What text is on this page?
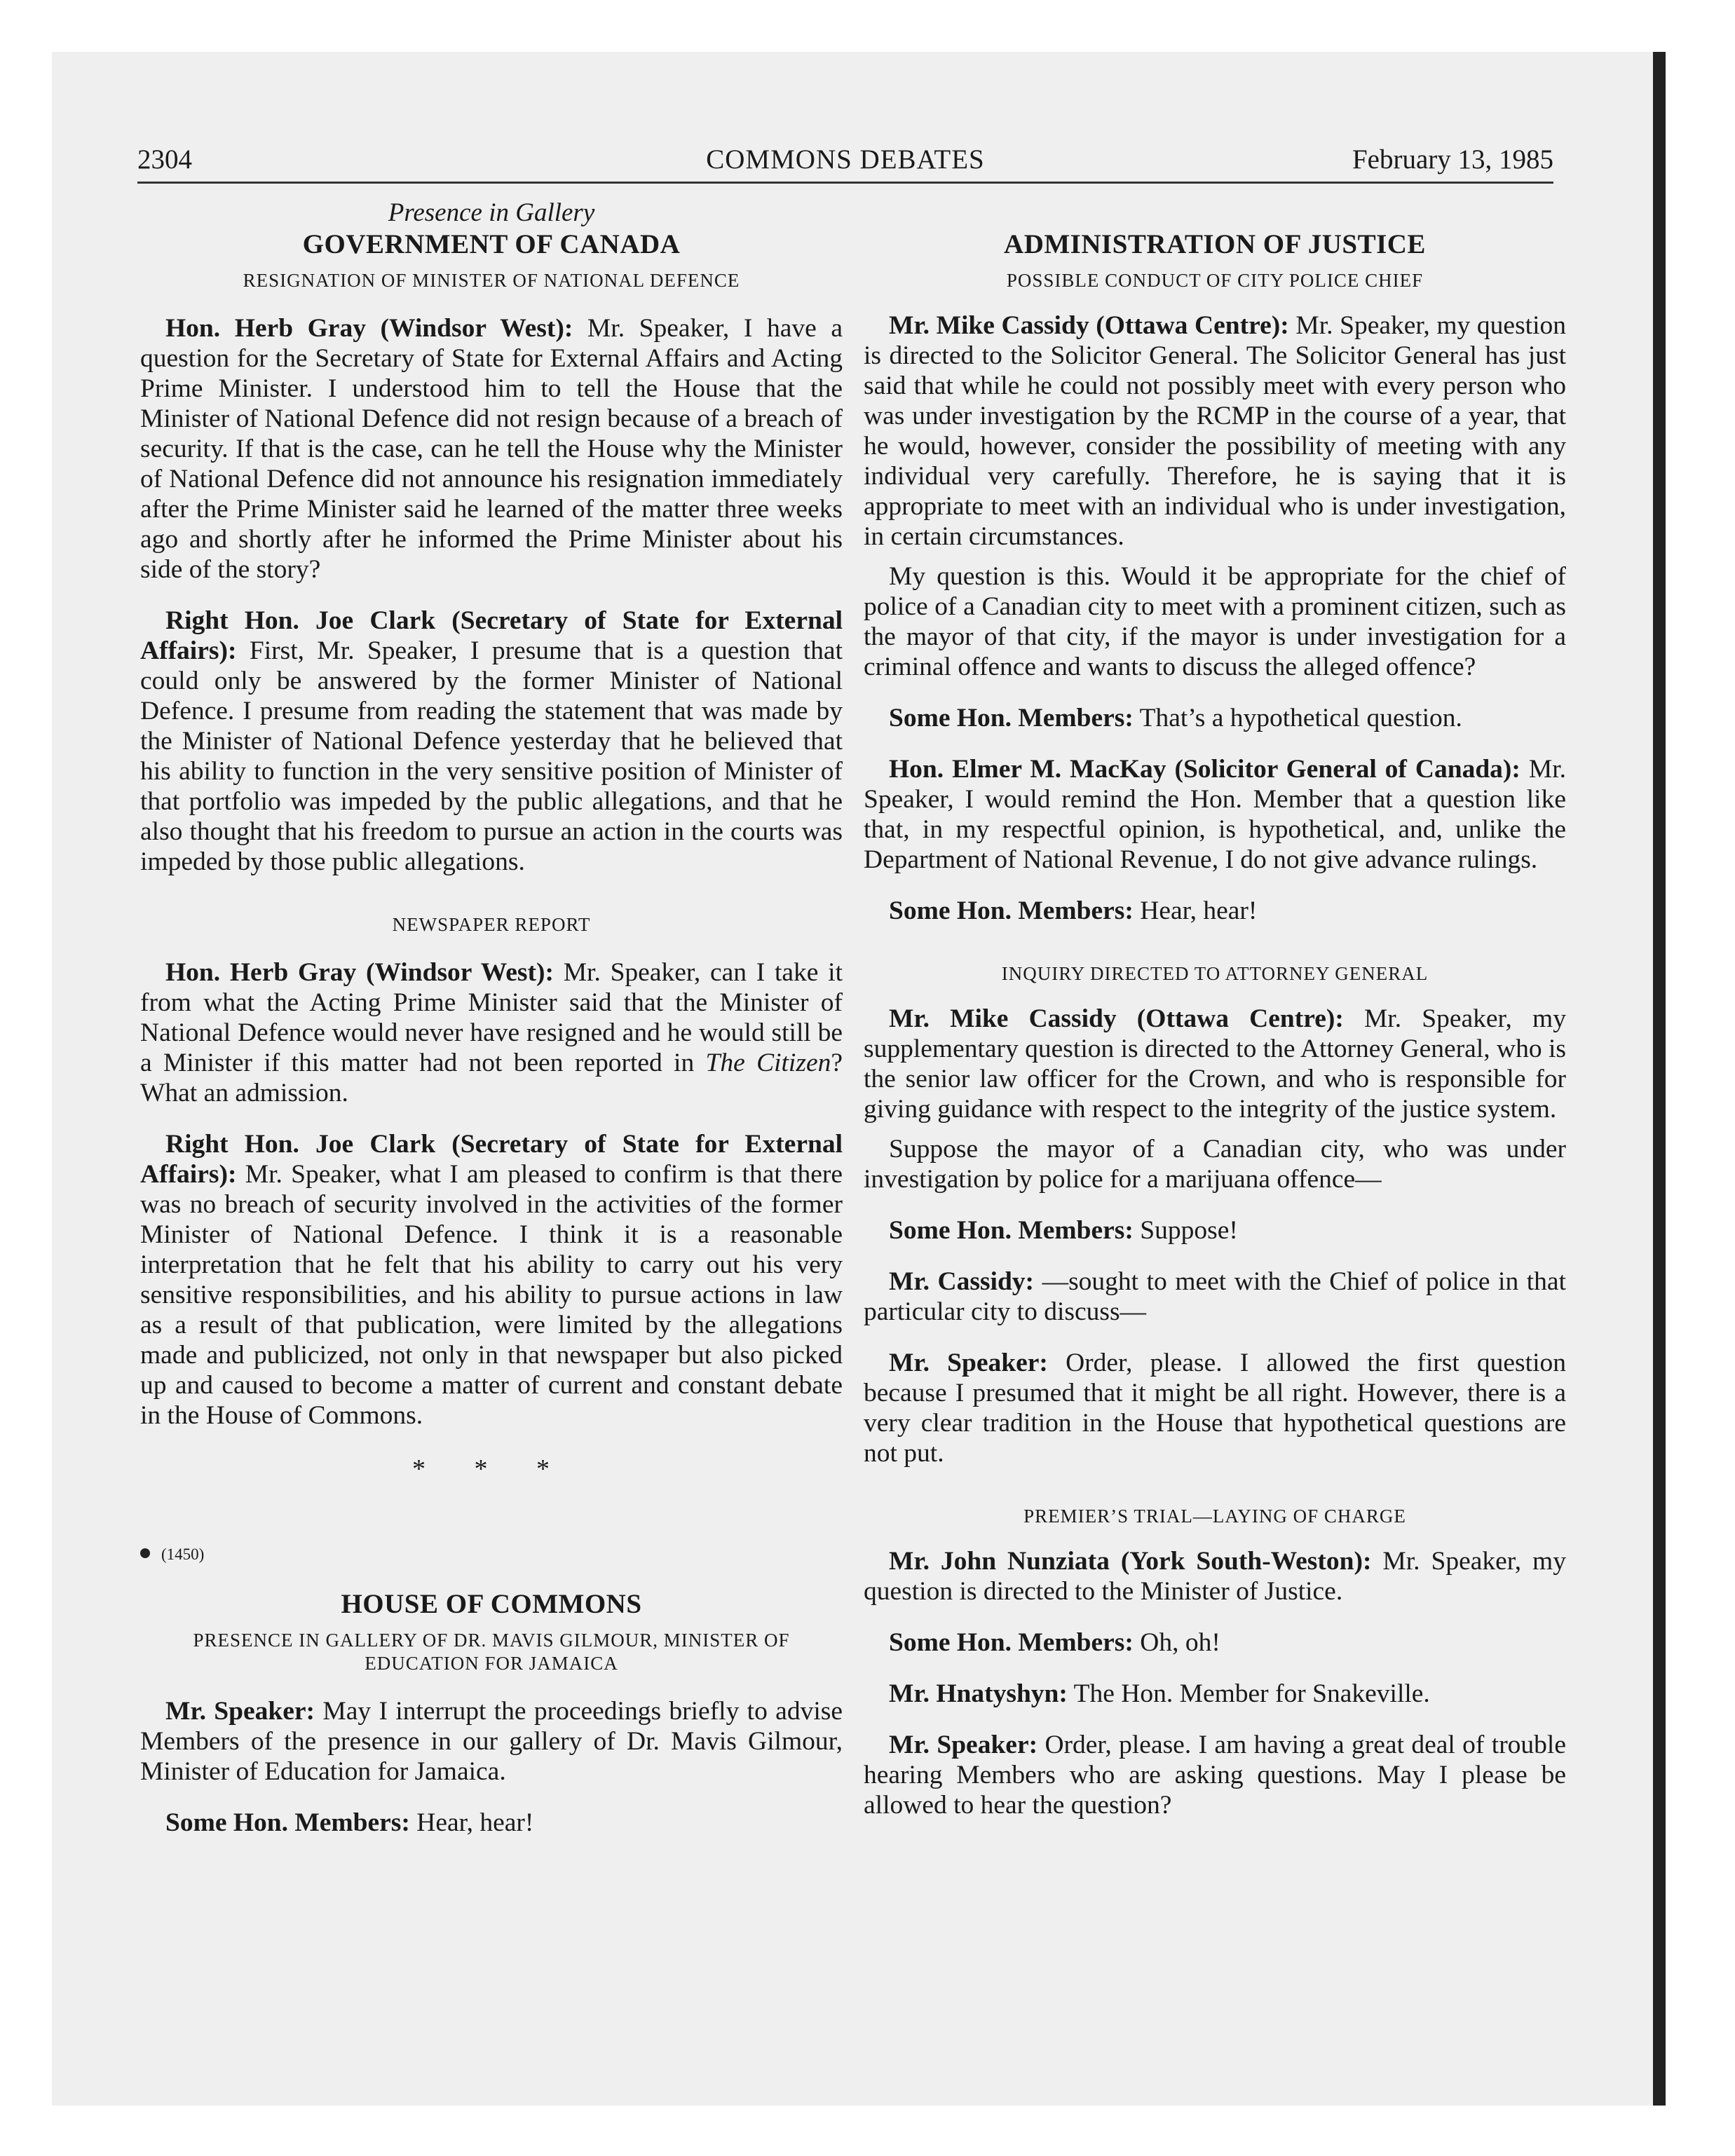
2304	COMMONS DEBATES	February 13, 1985

Presence in Gallery

GOVERNMENT OF CANADA

RESIGNATION OF MINISTER OF NATIONAL DEFENCE

Hon. Herb Gray (Windsor West): Mr. Speaker, I have a question for the Secretary of State for External Affairs and Acting Prime Minister. I understood him to tell the House that the Minister of National Defence did not resign because of a breach of security. If that is the case, can he tell the House why the Minister of National Defence did not announce his resignation immediately after the Prime Minister said he learned of the matter three weeks ago and shortly after he informed the Prime Minister about his side of the story?

Right Hon. Joe Clark (Secretary of State for External Affairs): First, Mr. Speaker, I presume that is a question that could only be answered by the former Minister of National Defence. I presume from reading the statement that was made by the Minister of National Defence yesterday that he believed that his ability to function in the very sensitive position of Minister of that portfolio was impeded by the public allegations, and that he also thought that his freedom to pursue an action in the courts was impeded by those public allegations.

NEWSPAPER REPORT

Hon. Herb Gray (Windsor West): Mr. Speaker, can I take it from what the Acting Prime Minister said that the Minister of National Defence would never have resigned and he would still be a Minister if this matter had not been reported in The Citizen? What an admission.

Right Hon. Joe Clark (Secretary of State for External Affairs): Mr. Speaker, what I am pleased to confirm is that there was no breach of security involved in the activities of the former Minister of National Defence. I think it is a reasonable interpretation that he felt that his ability to carry out his very sensitive responsibilities, and his ability to pursue actions in law as a result of that publication, were limited by the allegations made and publicized, not only in that newspaper but also picked up and caused to become a matter of current and constant debate in the House of Commons.

* * *

(1450)

HOUSE OF COMMONS

PRESENCE IN GALLERY OF DR. MAVIS GILMOUR, MINISTER OF EDUCATION FOR JAMAICA

Mr. Speaker: May I interrupt the proceedings briefly to advise Members of the presence in our gallery of Dr. Mavis Gilmour, Minister of Education for Jamaica.

Some Hon. Members: Hear, hear!

ADMINISTRATION OF JUSTICE

POSSIBLE CONDUCT OF CITY POLICE CHIEF

Mr. Mike Cassidy (Ottawa Centre): Mr. Speaker, my question is directed to the Solicitor General. The Solicitor General has just said that while he could not possibly meet with every person who was under investigation by the RCMP in the course of a year, that he would, however, consider the possibility of meeting with any individual very carefully. Therefore, he is saying that it is appropriate to meet with an individual who is under investigation, in certain circumstances.

My question is this. Would it be appropriate for the chief of police of a Canadian city to meet with a prominent citizen, such as the mayor of that city, if the mayor is under investigation for a criminal offence and wants to discuss the alleged offence?

Some Hon. Members: That’s a hypothetical question.

Hon. Elmer M. MacKay (Solicitor General of Canada): Mr. Speaker, I would remind the Hon. Member that a question like that, in my respectful opinion, is hypothetical, and, unlike the Department of National Revenue, I do not give advance rulings.

Some Hon. Members: Hear, hear!

INQUIRY DIRECTED TO ATTORNEY GENERAL

Mr. Mike Cassidy (Ottawa Centre): Mr. Speaker, my supplementary question is directed to the Attorney General, who is the senior law officer for the Crown, and who is responsible for giving guidance with respect to the integrity of the justice system.

Suppose the mayor of a Canadian city, who was under investigation by police for a marijuana offence—

Some Hon. Members: Suppose!

Mr. Cassidy: —sought to meet with the Chief of police in that particular city to discuss—

Mr. Speaker: Order, please. I allowed the first question because I presumed that it might be all right. However, there is a very clear tradition in the House that hypothetical questions are not put.

PREMIER’S TRIAL—LAYING OF CHARGE

Mr. John Nunziata (York South-Weston): Mr. Speaker, my question is directed to the Minister of Justice.

Some Hon. Members: Oh, oh!

Mr. Hnatyshyn: The Hon. Member for Snakeville.

Mr. Speaker: Order, please. I am having a great deal of trouble hearing Members who are asking questions. May I please be allowed to hear the question?
